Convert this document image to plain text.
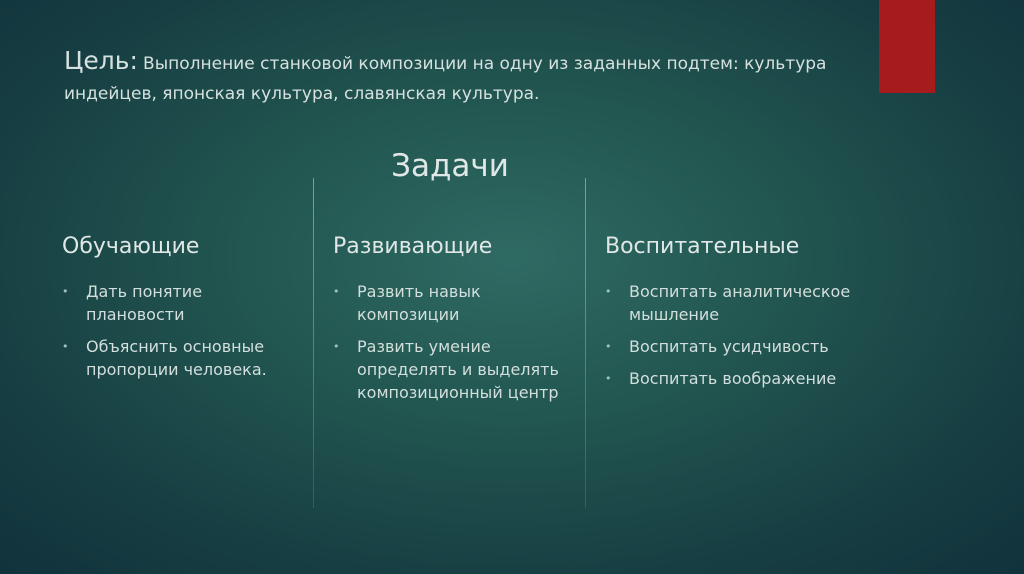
Цель: Выполнение станковой композиции на одну из заданных подтем: культура индейцев, японская культура, славянская культура.
Задачи
Обучающие
• Дать понятие плановости
• Объяснить основные пропорции человека.
Развивающие
• Развить навык композиции
• Развить умение определять и выделять композиционный центр
Воспитательные
• Воспитать аналитическое мышление
• Воспитать усидчивость
• Воспитать воображение
